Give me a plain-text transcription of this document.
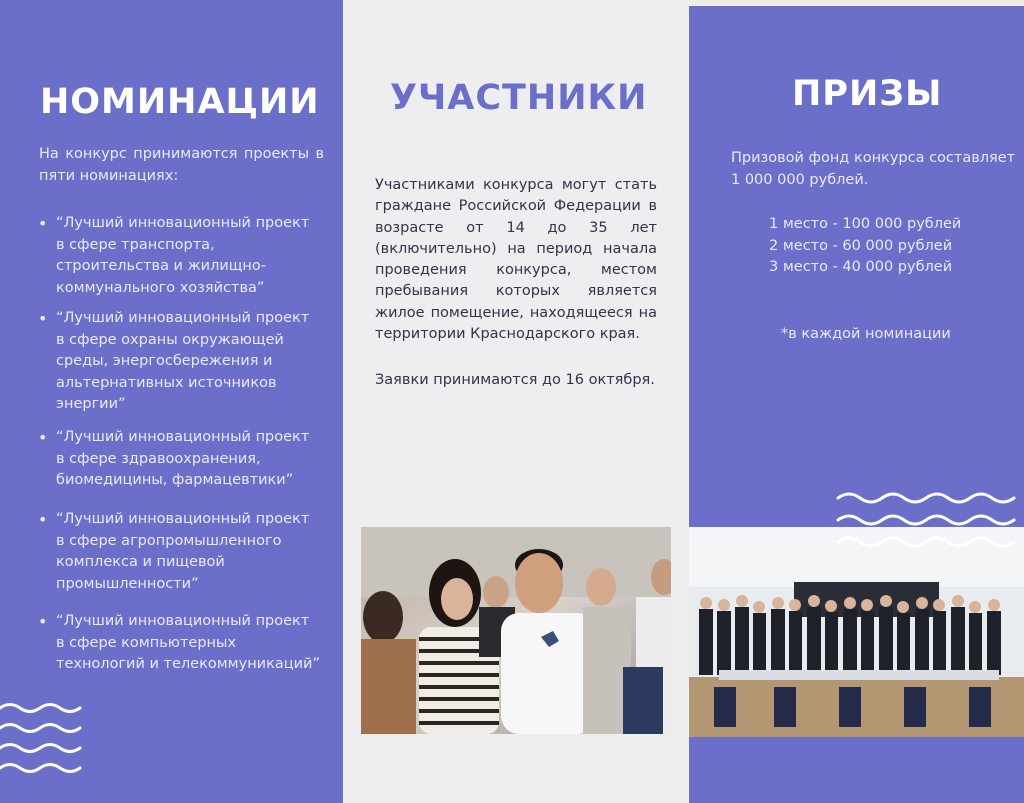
НОМИНАЦИИ

На конкурс принимаются проекты в пяти номинациях:

• “Лучший инновационный проект
в сфере транспорта,
строительства и жилищно-
коммунального хозяйства”
• “Лучший инновационный проект
в сфере охраны окружающей
среды, энергосбережения и
альтернативных источников
энергии”
• “Лучший инновационный проект
в сфере здравоохранения,
биомедицины, фармацевтики”
• “Лучший инновационный проект
в сфере агропромышленного
комплекса и пищевой
промышленности”
• “Лучший инновационный проект
в сфере компьютерных
технологий и телекоммуникаций”
УЧАСТНИКИ

Участниками конкурса могут стать граждане Российской Федерации в возрасте от 14 до 35 лет (включительно) на период начала проведения конкурса, местом пребывания которых является жилое помещение, находящееся на территории Краснодарского края.

Заявки принимаются до 16 октября.

ПРИЗЫ

Призовой фонд конкурса составляет 1 000 000 рублей.

1 место - 100 000 рублей
2 место - 60 000 рублей
3 место - 40 000 рублей

*в каждой номинации
